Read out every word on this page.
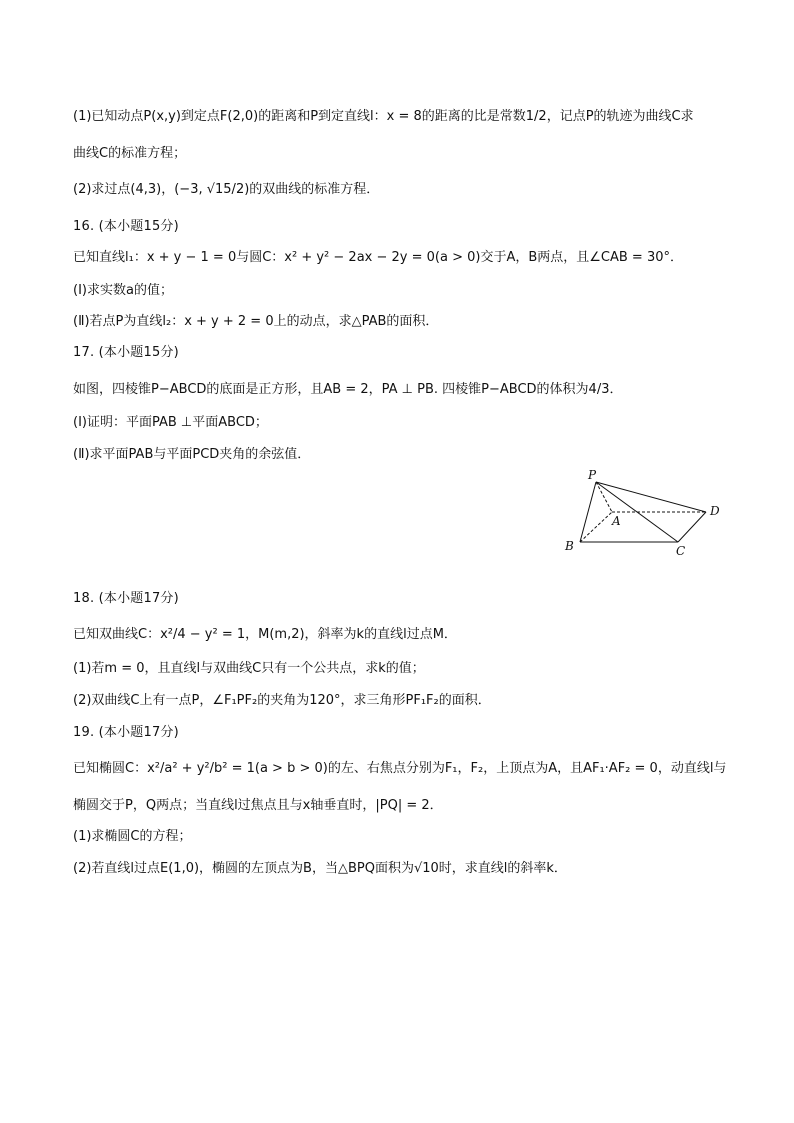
(1)已知动点P(x,y)到定点F(2,0)的距离和P到定直线l：x = 8的距离的比是常数1/2，记点P的轨迹为曲线C求
曲线C的标准方程；
(2)求过点(4,3)，(−3, √15/2)的双曲线的标准方程．
16. (本小题15分)
已知直线l₁：x + y − 1 = 0与圆C：x² + y² − 2ax − 2y = 0(a > 0)交于A，B两点，且∠CAB = 30°．
(Ⅰ)求实数a的值；
(Ⅱ)若点P为直线l₂：x + y + 2 = 0上的动点，求△PAB的面积．
17. (本小题15分)
如图，四棱锥P−ABCD的底面是正方形，且AB = 2，PA ⊥ PB. 四棱锥P−ABCD的体积为4/3．
(Ⅰ)证明：平面PAB ⊥平面ABCD；
(Ⅱ)求平面PAB与平面PCD夹角的余弦值．
P
A
D
B	C
18. (本小题17分)
已知双曲线C：x²/4 − y² = 1，M(m,2)，斜率为k的直线l过点M．
(1)若m = 0，且直线l与双曲线C只有一个公共点，求k的值；
(2)双曲线C上有一点P，∠F₁PF₂的夹角为120°，求三角形PF₁F₂的面积．
19. (本小题17分)
已知椭圆C：x²/a² + y²/b² = 1(a > b > 0)的左、右焦点分别为F₁，F₂，上顶点为A，且AF₁·AF₂ = 0，动直线l与
椭圆交于P，Q两点；当直线l过焦点且与x轴垂直时，|PQ| = 2．
(1)求椭圆C的方程；
(2)若直线l过点E(1,0)，椭圆的左顶点为B，当△BPQ面积为√10时，求直线l的斜率k．
